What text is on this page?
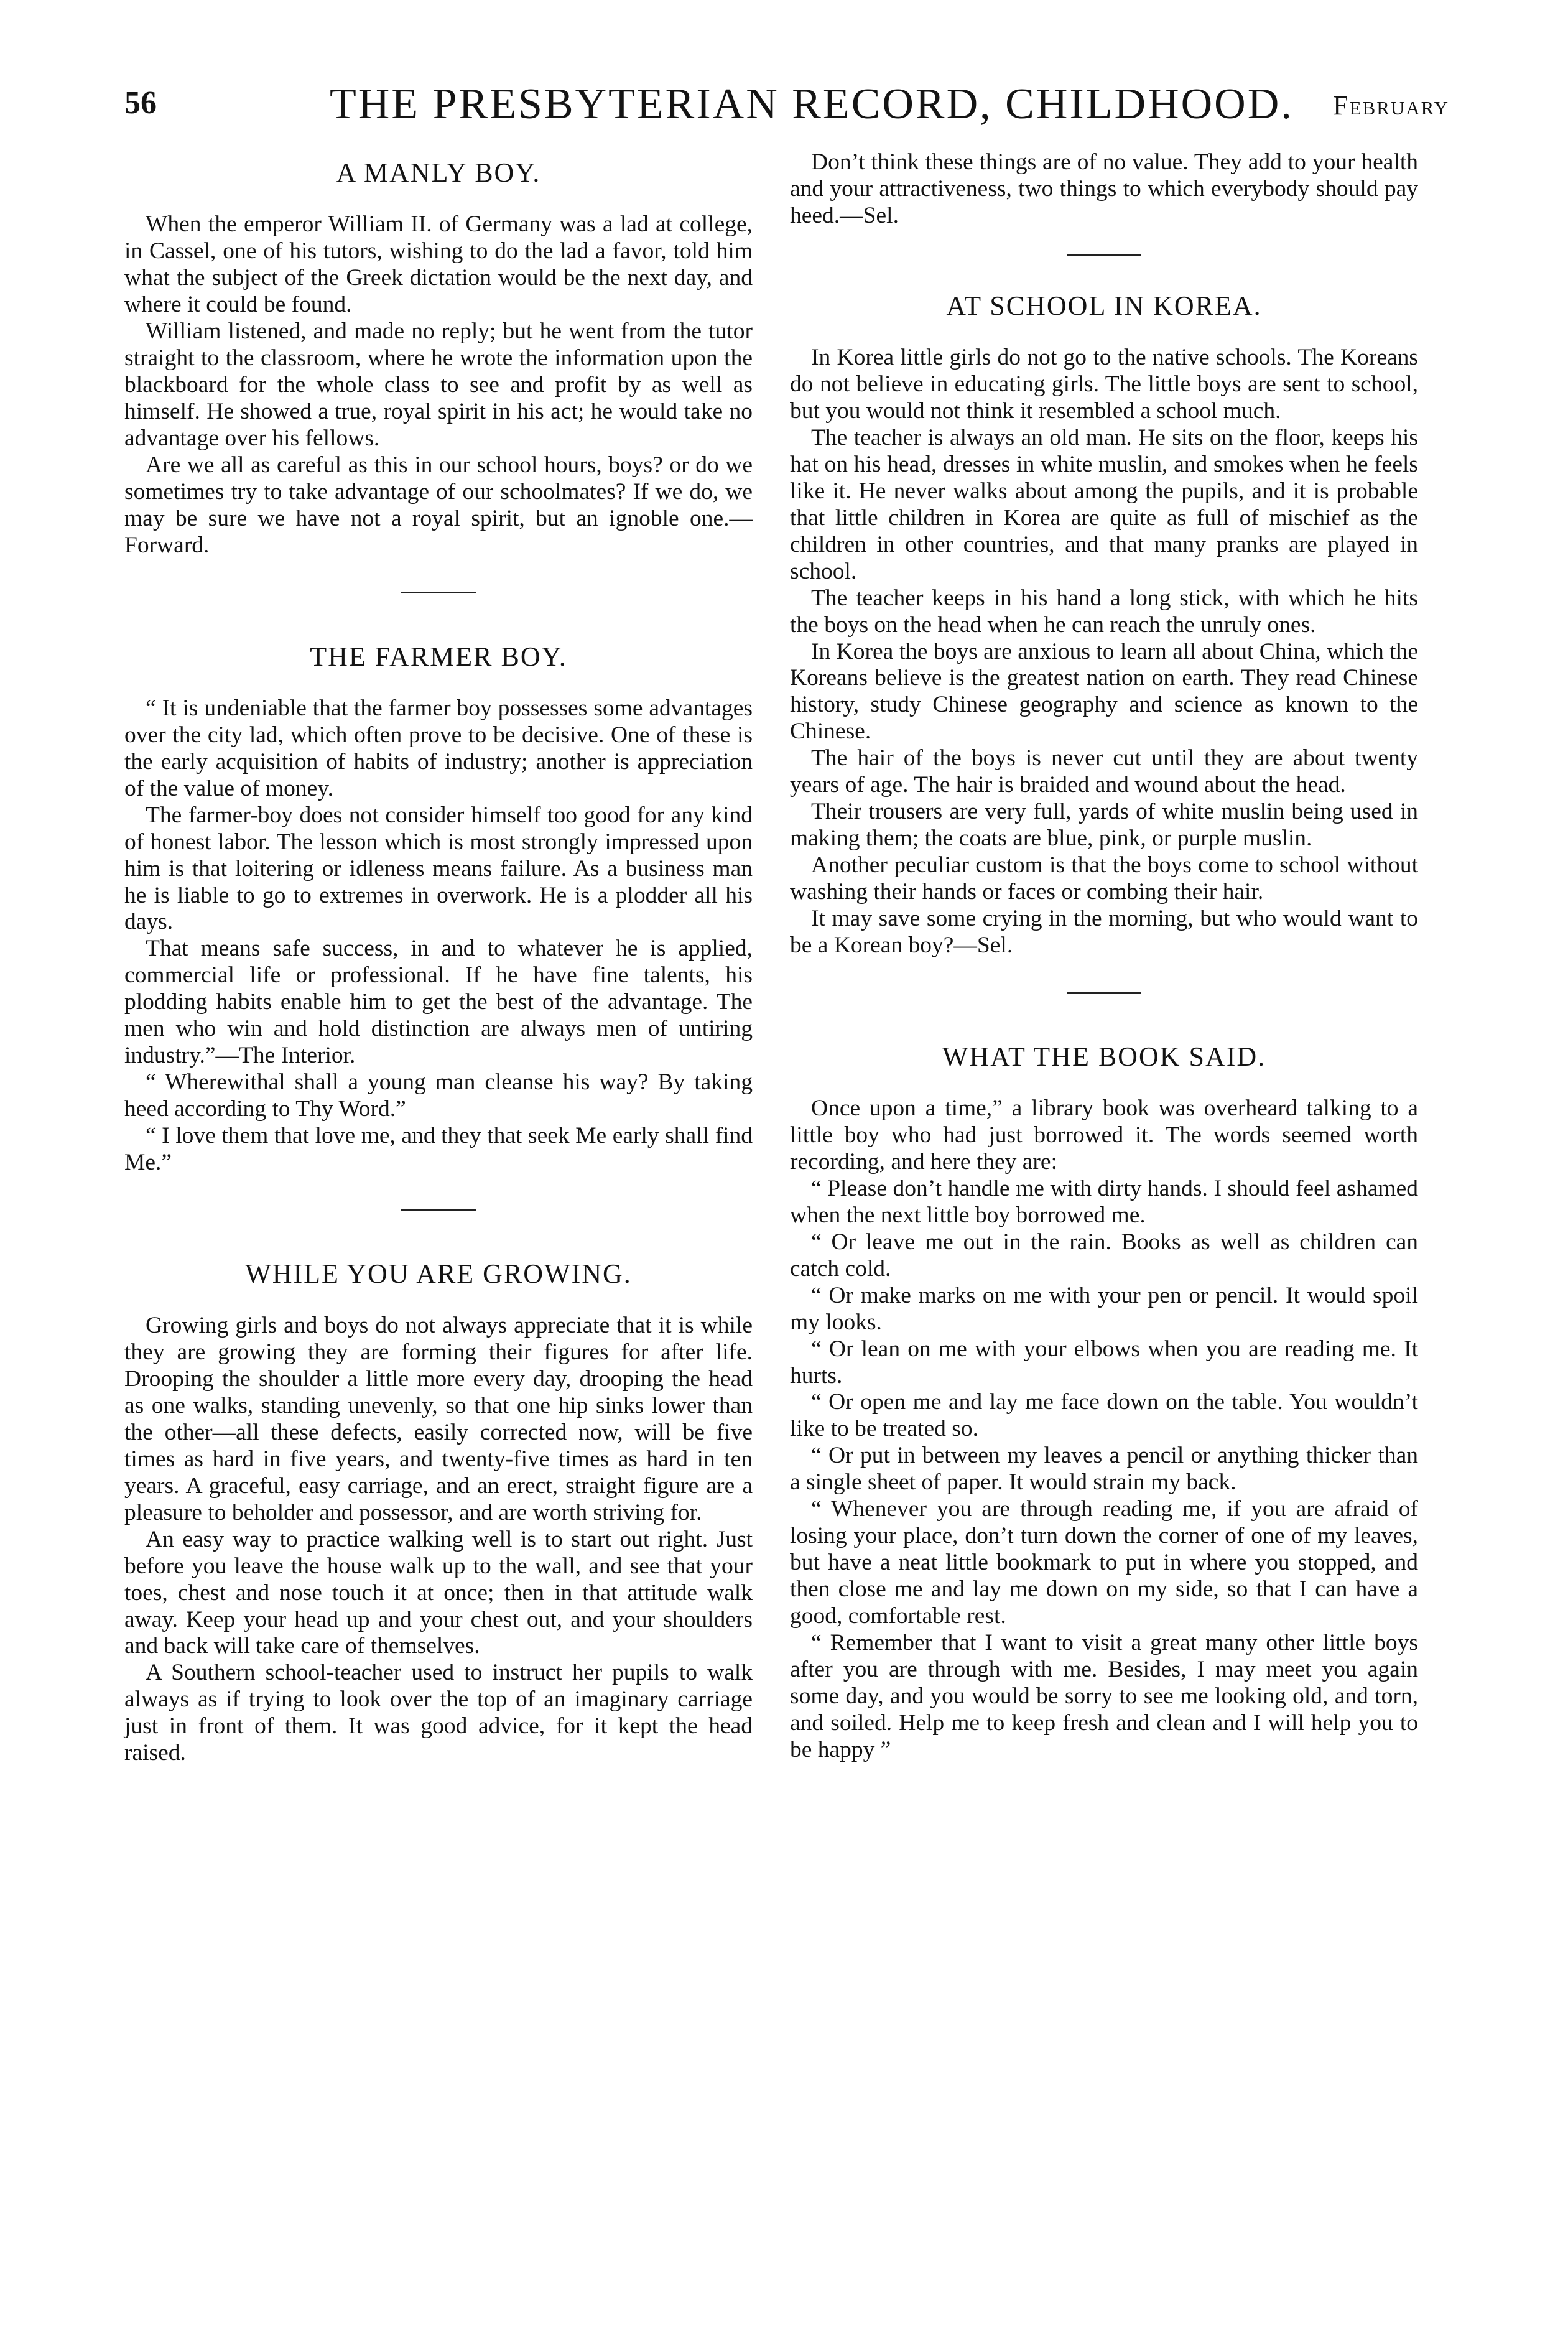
56	THE PRESBYTERIAN RECORD, CHILDHOOD. February
A MANLY BOY.

When the emperor William II. of Germany was a lad at college, in Cassel, one of his tutors, wishing to do the lad a favor, told him what the subject of the Greek dictation would be the next day, and where it could be found.

William listened, and made no reply; but he went from the tutor straight to the classroom, where he wrote the information upon the blackboard for the whole class to see and profit by as well as himself. He showed a true, royal spirit in his act; he would take no advantage over his fellows.

Are we all as careful as this in our school hours, boys? or do we sometimes try to take advantage of our schoolmates? If we do, we may be sure we have not a royal spirit, but an ignoble one.—Forward.

THE FARMER BOY.

“ It is undeniable that the farmer boy possesses some advantages over the city lad, which often prove to be decisive. One of these is the early acquisition of habits of industry; another is appreciation of the value of money.

The farmer-boy does not consider himself too good for any kind of honest labor. The lesson which is most strongly impressed upon him is that loitering or idleness means failure. As a business man he is liable to go to extremes in overwork. He is a plodder all his days.

That means safe success, in and to whatever he is applied, commercial life or professional. If he have fine talents, his plodding habits enable him to get the best of the advantage. The men who win and hold distinction are always men of untiring industry.”—The Interior.

“ Wherewithal shall a young man cleanse his way? By taking heed according to Thy Word.”

“ I love them that love me, and they that seek Me early shall find Me.”

WHILE YOU ARE GROWING.

Growing girls and boys do not always appreciate that it is while they are growing they are forming their figures for after life. Drooping the shoulder a little more every day, drooping the head as one walks, standing unevenly, so that one hip sinks lower than the other—all these defects, easily corrected now, will be five times as hard in five years, and twenty-five times as hard in ten years. A graceful, easy carriage, and an erect, straight figure are a pleasure to beholder and possessor, and are worth striving for.

An easy way to practice walking well is to start out right. Just before you leave the house walk up to the wall, and see that your toes, chest and nose touch it at once; then in that attitude walk away. Keep your head up and your chest out, and your shoulders and back will take care of themselves.

A Southern school-teacher used to instruct her pupils to walk always as if trying to look over the top of an imaginary carriage just in front of them. It was good advice, for it kept the head raised.

Don’t think these things are of no value. They add to your health and your attractiveness, two things to which everybody should pay heed.—Sel.

AT SCHOOL IN KOREA.

In Korea little girls do not go to the native schools. The Koreans do not believe in educating girls. The little boys are sent to school, but you would not think it resembled a school much.

The teacher is always an old man. He sits on the floor, keeps his hat on his head, dresses in white muslin, and smokes when he feels like it. He never walks about among the pupils, and it is probable that little children in Korea are quite as full of mischief as the children in other countries, and that many pranks are played in school.

The teacher keeps in his hand a long stick, with which he hits the boys on the head when he can reach the unruly ones.

In Korea the boys are anxious to learn all about China, which the Koreans believe is the greatest nation on earth. They read Chinese history, study Chinese geography and science as known to the Chinese.

The hair of the boys is never cut until they are about twenty years of age. The hair is braided and wound about the head.

Their trousers are very full, yards of white muslin being used in making them; the coats are blue, pink, or purple muslin.

Another peculiar custom is that the boys come to school without washing their hands or faces or combing their hair.

It may save some crying in the morning, but who would want to be a Korean boy?—Sel.

WHAT THE BOOK SAID.

Once upon a time,” a library book was overheard talking to a little boy who had just borrowed it. The words seemed worth recording, and here they are:

“ Please don’t handle me with dirty hands. I should feel ashamed when the next little boy borrowed me.

“ Or leave me out in the rain. Books as well as children can catch cold.

“ Or make marks on me with your pen or pencil. It would spoil my looks.

“ Or lean on me with your elbows when you are reading me. It hurts.

“ Or open me and lay me face down on the table. You wouldn’t like to be treated so.

“ Or put in between my leaves a pencil or anything thicker than a single sheet of paper. It would strain my back.

“ Whenever you are through reading me, if you are afraid of losing your place, don’t turn down the corner of one of my leaves, but have a neat little bookmark to put in where you stopped, and then close me and lay me down on my side, so that I can have a good, comfortable rest.

“ Remember that I want to visit a great many other little boys after you are through with me. Besides, I may meet you again some day, and you would be sorry to see me looking old, and torn, and soiled. Help me to keep fresh and clean and I will help you to be happy ”
